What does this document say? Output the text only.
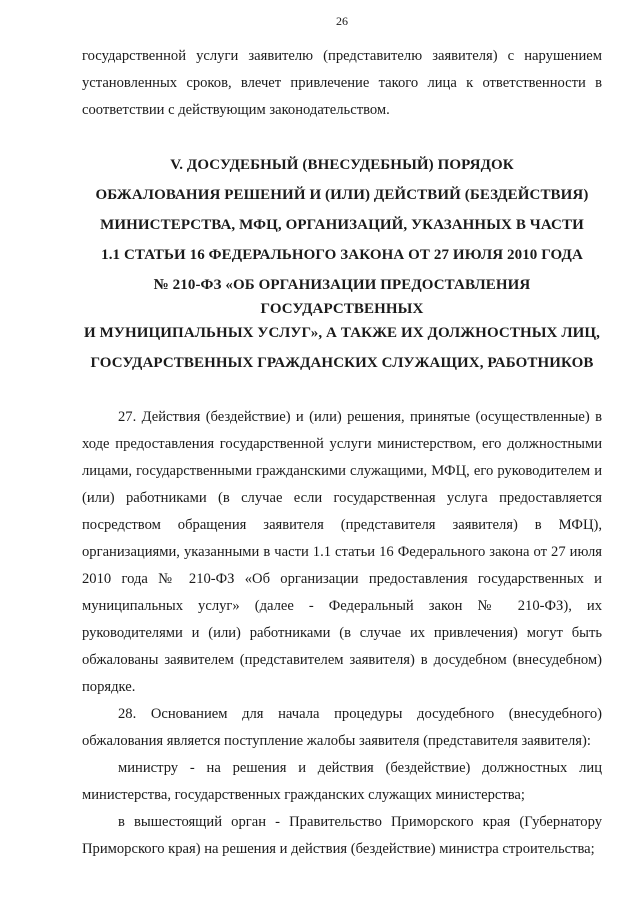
26

государственной услуги заявителю (представителю заявителя) с нарушением установленных сроков, влечет привлечение такого лица к ответственности в соответствии с действующим законодательством.

V. ДОСУДЕБНЫЙ (ВНЕСУДЕБНЫЙ) ПОРЯДОК
ОБЖАЛОВАНИЯ РЕШЕНИЙ И (ИЛИ) ДЕЙСТВИЙ (БЕЗДЕЙСТВИЯ)
МИНИСТЕРСТВА, МФЦ, ОРГАНИЗАЦИЙ, УКАЗАННЫХ В ЧАСТИ
1.1 СТАТЬИ 16 ФЕДЕРАЛЬНОГО ЗАКОНА ОТ 27 ИЮЛЯ 2010 ГОДА
№ 210-ФЗ «ОБ ОРГАНИЗАЦИИ ПРЕДОСТАВЛЕНИЯ
ГОСУДАРСТВЕННЫХ
И МУНИЦИПАЛЬНЫХ УСЛУГ», А ТАКЖЕ ИХ ДОЛЖНОСТНЫХ ЛИЦ,
ГОСУДАРСТВЕННЫХ ГРАЖДАНСКИХ СЛУЖАЩИХ, РАБОТНИКОВ

27. Действия (бездействие) и (или) решения, принятые (осуществленные) в ходе предоставления государственной услуги министерством, его должностными лицами, государственными гражданскими служащими, МФЦ, его руководителем и (или) работниками (в случае если государственная услуга предоставляется посредством обращения заявителя (представителя заявителя) в МФЦ), организациями, указанными в части 1.1 статьи 16 Федерального закона от 27 июля 2010 года № 210-ФЗ «Об организации предоставления государственных и муниципальных услуг» (далее - Федеральный закон № 210-ФЗ), их руководителями и (или) работниками (в случае их привлечения) могут быть обжалованы заявителем (представителем заявителя) в досудебном (внесудебном) порядке.

28. Основанием для начала процедуры досудебного (внесудебного) обжалования является поступление жалобы заявителя (представителя заявителя):

министру - на решения и действия (бездействие) должностных лиц министерства, государственных гражданских служащих министерства;

в вышестоящий орган - Правительство Приморского края (Губернатору Приморского края) на решения и действия (бездействие) министра строительства;
